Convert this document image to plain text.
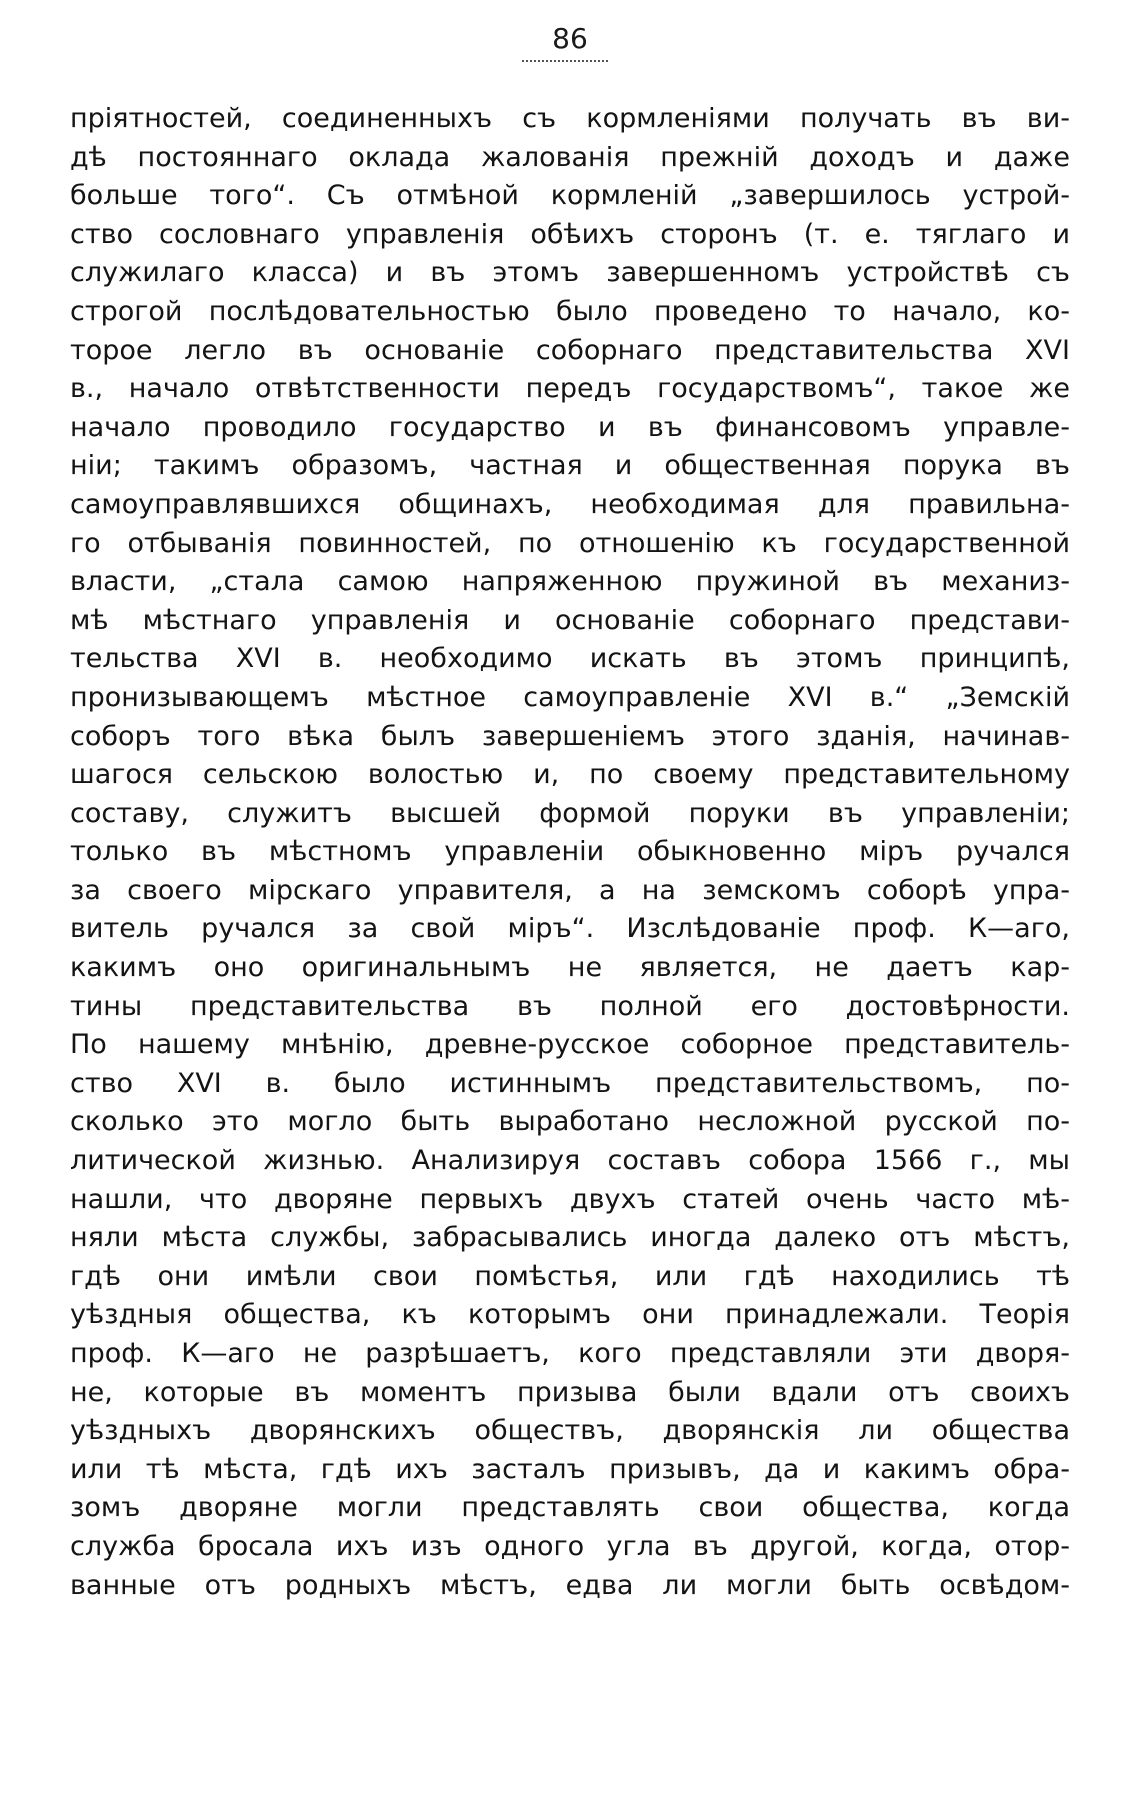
86
пріятностей, соединенныхъ съ кормленіями получать въ ви-
дѣ постояннаго оклада жалованія прежній доходъ и даже
больше того“. Съ отмѣной кормленій „завершилось устрой-
ство сословнаго управленія обѣихъ сторонъ (т. е. тяглаго и
служилаго класса) и въ этомъ завершенномъ устройствѣ съ
строгой послѣдовательностью было проведено то начало, ко-
торое легло въ основаніе соборнаго представительства XVI
в., начало отвѣтственности передъ государствомъ“, такое же
начало проводило государство и въ финансовомъ управле-
ніи; такимъ образомъ, частная и общественная порука въ
самоуправлявшихся общинахъ, необходимая для правильна-
го отбыванія повинностей, по отношенію къ государственной
власти, „стала самою напряженною пружиной въ механиз-
мѣ мѣстнаго управленія и основаніе соборнаго представи-
тельства XVI в. необходимо искать въ этомъ принципѣ,
пронизывающемъ мѣстное самоуправленіе XVI в.“ „Земскій
соборъ того вѣка былъ завершеніемъ этого зданія, начинав-
шагося сельскою волостью и, по своему представительному
составу, служитъ высшей формой поруки въ управленіи;
только въ мѣстномъ управленіи обыкновенно міръ ручался
за своего мірскаго управителя, а на земскомъ соборѣ упра-
витель ручался за свой міръ“. Изслѣдованіе проф. К—аго,
какимъ оно оригинальнымъ не является, не даетъ кар-
тины представительства въ полной его достовѣрности.
По нашему мнѣнію, древне-русское соборное представитель-
ство XVI в. было истиннымъ представительствомъ, по-
сколько это могло быть выработано несложной русской по-
литической жизнью. Анализируя составъ собора 1566 г., мы
нашли, что дворяне первыхъ двухъ статей очень часто мѣ-
няли мѣста службы, забрасывались иногда далеко отъ мѣстъ,
гдѣ они имѣли свои помѣстья, или гдѣ находились тѣ
уѣздныя общества, къ которымъ они принадлежали. Теорія
проф. К—аго не разрѣшаетъ, кого представляли эти дворя-
не, которые въ моментъ призыва были вдали отъ своихъ
уѣздныхъ дворянскихъ обществъ, дворянскія ли общества
или тѣ мѣста, гдѣ ихъ засталъ призывъ, да и какимъ обра-
зомъ дворяне могли представлять свои общества, когда
служба бросала ихъ изъ одного угла въ другой, когда, отор-
ванные отъ родныхъ мѣстъ, едва ли могли быть освѣдом-
